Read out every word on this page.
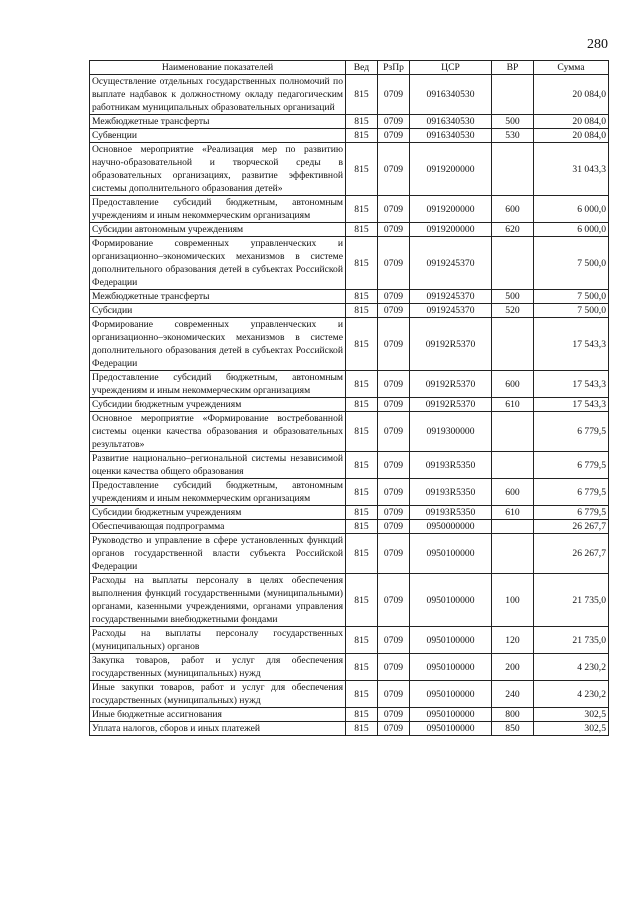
280
Наименование показателей	Вед	РзПр	ЦСР	ВР	Сумма
Осуществление отдельных государственных полномочий по выплате надбавок к должностному окладу педагогическим работникам муниципальных образовательных организаций	815	0709	0916340530		20 084,0
Межбюджетные трансферты	815	0709	0916340530	500	20 084,0
Субвенции	815	0709	0916340530	530	20 084,0
Основное мероприятие «Реализация мер по развитию научно-образовательной и творческой среды в образовательных организациях, развитие эффективной системы дополнительного образования детей»	815	0709	0919200000		31 043,3
Предоставление субсидий бюджетным, автономным учреждениям и иным некоммерческим организациям	815	0709	0919200000	600	6 000,0
Субсидии автономным учреждениям	815	0709	0919200000	620	6 000,0
Формирование современных управленческих и организационно–экономических механизмов в системе дополнительного образования детей в субъектах Российской Федерации	815	0709	0919245370		7 500,0
Межбюджетные трансферты	815	0709	0919245370	500	7 500,0
Субсидии	815	0709	0919245370	520	7 500,0
Формирование современных управленческих и организационно–экономических механизмов в системе дополнительного образования детей в субъектах Российской Федерации	815	0709	09192R5370		17 543,3
Предоставление субсидий бюджетным, автономным учреждениям и иным некоммерческим организациям	815	0709	09192R5370	600	17 543,3
Субсидии бюджетным учреждениям	815	0709	09192R5370	610	17 543,3
Основное мероприятие «Формирование востребованной системы оценки качества образования и образовательных результатов»	815	0709	0919300000		6 779,5
Развитие национально–региональной системы независимой оценки качества общего образования	815	0709	09193R5350		6 779,5
Предоставление субсидий бюджетным, автономным учреждениям и иным некоммерческим организациям	815	0709	09193R5350	600	6 779,5
Субсидии бюджетным учреждениям	815	0709	09193R5350	610	6 779,5
Обеспечивающая подпрограмма	815	0709	0950000000		26 267,7
Руководство и управление в сфере установленных функций органов государственной власти субъекта Российской Федерации	815	0709	0950100000		26 267,7
Расходы на выплаты персоналу в целях обеспечения выполнения функций государственными (муниципальными) органами, казенными учреждениями, органами управления государственными внебюджетными фондами	815	0709	0950100000	100	21 735,0
Расходы на выплаты персоналу государственных (муниципальных) органов	815	0709	0950100000	120	21 735,0
Закупка товаров, работ и услуг для обеспечения государственных (муниципальных) нужд	815	0709	0950100000	200	4 230,2
Иные закупки товаров, работ и услуг для обеспечения государственных (муниципальных) нужд	815	0709	0950100000	240	4 230,2
Иные бюджетные ассигнования	815	0709	0950100000	800	302,5
Уплата налогов, сборов и иных платежей	815	0709	0950100000	850	302,5
